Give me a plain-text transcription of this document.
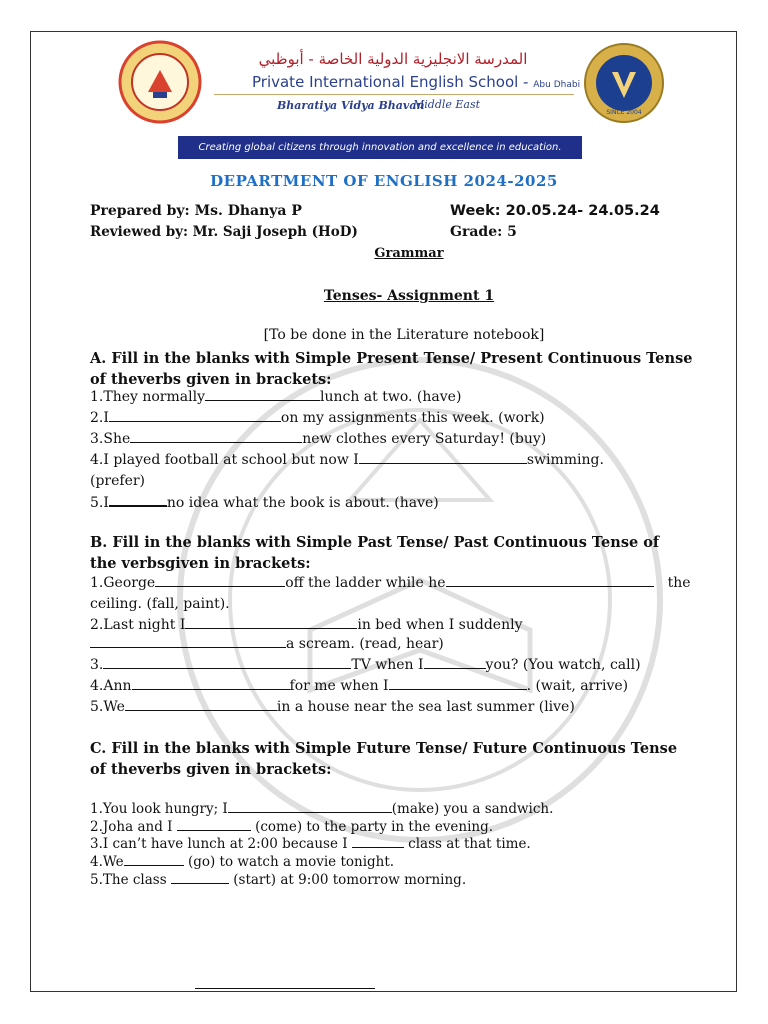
المدرسة الانجليزية الدولية الخاصة - أبوظبي
Private International English School - Abu Dhabi
Bharatiya Vidya Bhavan
Middle East
SINCE 2004
Creating global citizens through innovation and excellence in education.
DEPARTMENT OF ENGLISH 2024-2025
Prepared by: Ms. Dhanya P	Week: 20.05.24- 24.05.24
Reviewed by: Mr. Saji Joseph (HoD)	Grade: 5
Grammar
Tenses- Assignment 1
[To be done in the Literature notebook]
A. Fill in the blanks with Simple Present Tense/ Present Continuous Tense
of theverbs given in brackets:
1.They normally	lunch at two. (have)
2.I	on my assignments this week. (work)
3.She	new clothes every Saturday! (buy)
4.I played football at school but now I	swimming.
(prefer)
5.I	no idea what the book is about. (have)
B. Fill in the blanks with Simple Past Tense/ Past Continuous Tense of
the verbsgiven in brackets:
1.George	off the ladder while he	the
ceiling. (fall, paint).
2.Last night I	in bed when I suddenly
a scream. (read, hear)
3.	TV when I	you? (You watch, call)
4.Ann	for me when I	. (wait, arrive)
5.We	in a house near the sea last summer (live)
C. Fill in the blanks with Simple Future Tense/ Future Continuous Tense
of theverbs given in brackets:
1.You look hungry; I	(make) you a sandwich.
2.Joha and I	(come) to the party in the evening.
3.I can’t have lunch at 2:00 because I	class at that time.
4.We	(go) to watch a movie tonight.
5.The class	(start) at 9:00 tomorrow morning.
